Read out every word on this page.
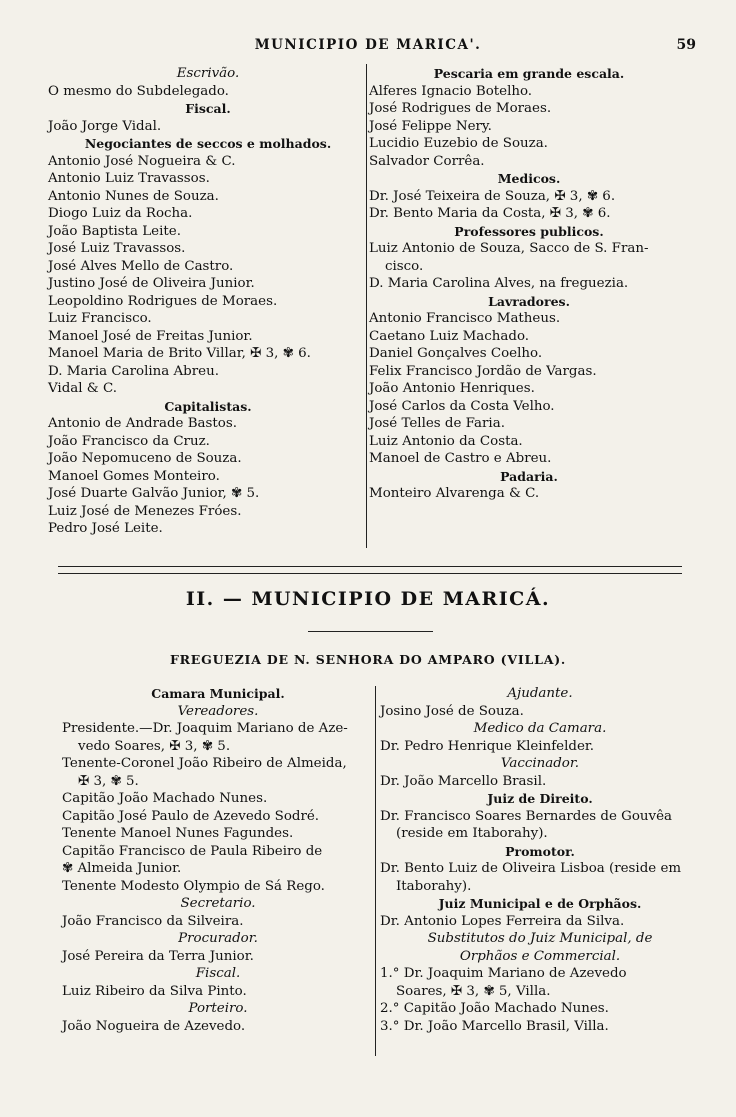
MUNICIPIO DE MARICA'.	59
Escrivão.
O mesmo do Subdelegado.
Fiscal.
João Jorge Vidal.
Negociantes de seccos e molhados.
Antonio José Nogueira & C.
Antonio Luiz Travassos.
Antonio Nunes de Souza.
Diogo Luiz da Rocha.
João Baptista Leite.
José Luiz Travassos.
José Alves Mello de Castro.
Justino José de Oliveira Junior.
Leopoldino Rodrigues de Moraes.
Luiz Francisco.
Manoel José de Freitas Junior.
Manoel Maria de Brito Villar, ✠ 3, ✾ 6.
D. Maria Carolina Abreu.
Vidal & C.
Capitalistas.
Antonio de Andrade Bastos.
João Francisco da Cruz.
João Nepomuceno de Souza.
Manoel Gomes Monteiro.
José Duarte Galvão Junior, ✾ 5.
Luiz José de Menezes Fróes.
Pedro José Leite.
Pescaria em grande escala.
Alferes Ignacio Botelho.
José Rodrigues de Moraes.
José Felippe Nery.
Lucidio Euzebio de Souza.
Salvador Corrêa.
Medicos.
Dr. José Teixeira de Souza, ✠ 3, ✾ 6.
Dr. Bento Maria da Costa, ✠ 3, ✾ 6.
Professores publicos.
Luiz Antonio de Souza, Sacco de S. Fran-
cisco.
D. Maria Carolina Alves, na freguezia.
Lavradores.
Antonio Francisco Matheus.
Caetano Luiz Machado.
Daniel Gonçalves Coelho.
Felix Francisco Jordão de Vargas.
João Antonio Henriques.
José Carlos da Costa Velho.
José Telles de Faria.
Luiz Antonio da Costa.
Manoel de Castro e Abreu.
Padaria.
Monteiro Alvarenga & C.
II. — MUNICIPIO DE MARICÁ.
FREGUEZIA DE N. SENHORA DO AMPARO (VILLA).
Camara Municipal.
Vereadores.
Presidente.—Dr. Joaquim Mariano de Aze-
vedo Soares, ✠ 3, ✾ 5.
Tenente-Coronel João Ribeiro de Almeida,
✠ 3, ✾ 5.
Capitão João Machado Nunes.
Capitão José Paulo de Azevedo Sodré.
Tenente Manoel Nunes Fagundes.
Capitão Francisco de Paula Ribeiro de
✾ Almeida Junior.
Tenente Modesto Olympio de Sá Rego.
Secretario.
João Francisco da Silveira.
Procurador.
José Pereira da Terra Junior.
Fiscal.
Luiz Ribeiro da Silva Pinto.
Porteiro.
João Nogueira de Azevedo.
Ajudante.
Josino José de Souza.
Medico da Camara.
Dr. Pedro Henrique Kleinfelder.
Vaccinador.
Dr. João Marcello Brasil.
Juiz de Direito.
Dr. Francisco Soares Bernardes de Gouvêa
(reside em Itaborahy).
Promotor.
Dr. Bento Luiz de Oliveira Lisboa (reside em
Itaborahy).
Juiz Municipal e de Orphãos.
Dr. Antonio Lopes Ferreira da Silva.
Substitutos do Juiz Municipal, de
Orphãos e Commercial.
1.° Dr. Joaquim Mariano de Azevedo
Soares, ✠ 3, ✾ 5, Villa.
2.° Capitão João Machado Nunes.
3.° Dr. João Marcello Brasil, Villa.
